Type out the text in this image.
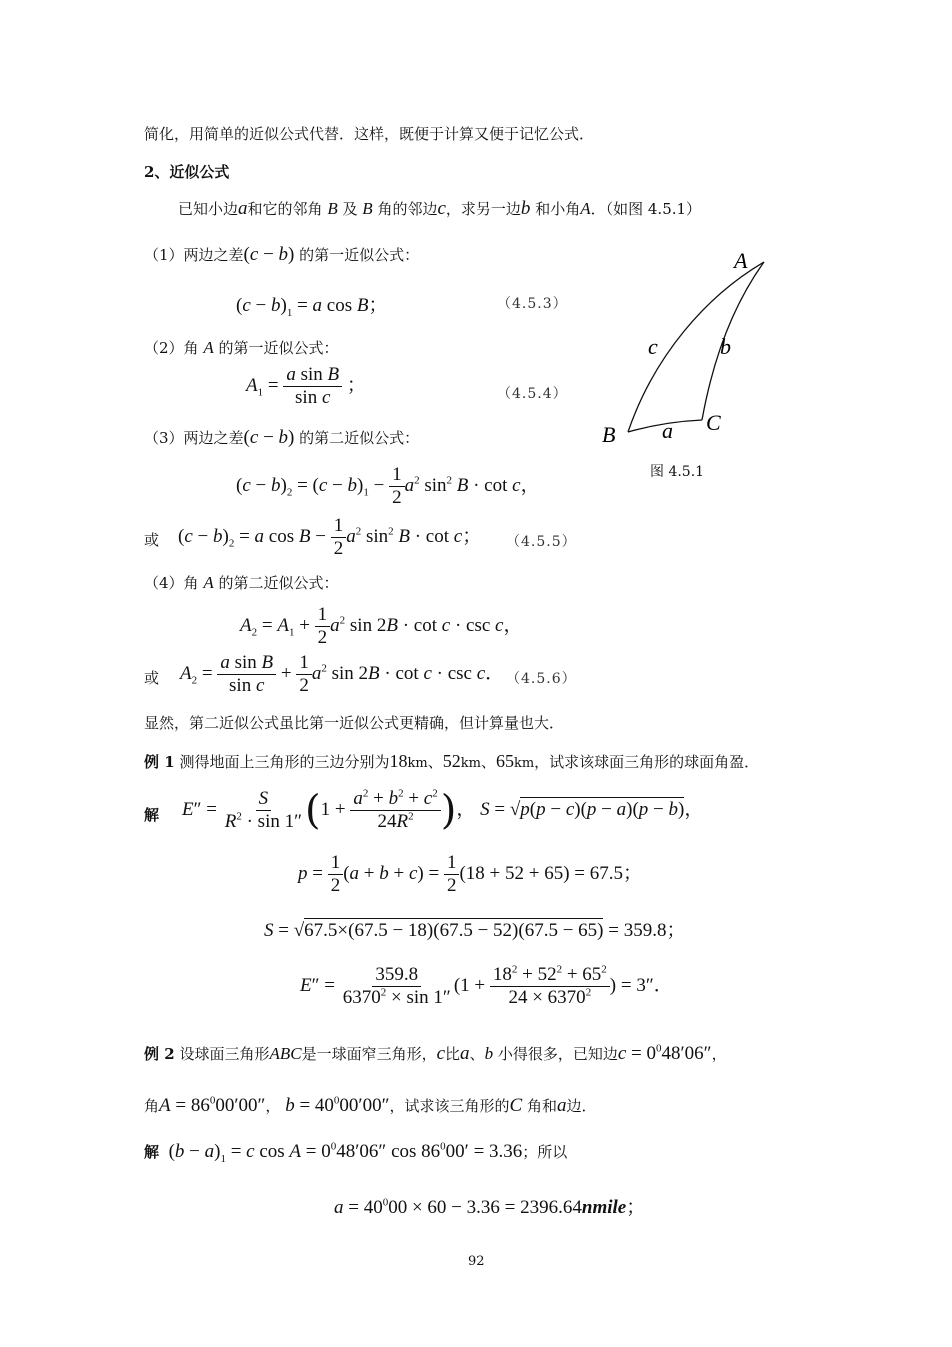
简化，用简单的近似公式代替．这样，既便于计算又便于记忆公式．
2、近似公式
已知小边a和它的邻角 B 及 B 角的邻边c，求另一边b 和小角A．（如图 4.5.1）
（1）两边之差(c − b) 的第一近似公式：
$(c - b)_1 = a$ cos B；	（4.5.3）
（2）角 A 的第一近似公式：
$A_1 = \frac{\text{a sin B}}{\text{sin c}}$ ；	（4.5.4）
（3）两边之差(c − b) 的第二近似公式：
$(c - b)_2 = (c - b)_1 - \frac{1}{2} a^2$ $\sin^2 B \cdot \cot c$，
或 $(c - b)_2 = a$ $\cos B - \frac{1}{2} a^2$ $\sin^2 B \cdot \cot c$； （4.5.5）
（4）角 A 的第二近似公式：
$A_2 = A_1 + \frac{1}{2} a^2$ sin 2B · cot c · csc c，
或 $A_2 = \frac{\text{a sin B}}{\text{sin c}} + \frac{1}{2} a^2$ sin 2B · cot c · csc c． （4.5.6）
显然，第二近似公式虽比第一近似公式更精确，但计算量也大．
例 1 测得地面上三角形的三边分别为18km、52km、65km，试求该球面三角形的球面角盈．
解 $E'' = \frac{S}{R^2 \cdot \sin 1''} (1 + \frac{a^2 + b^2 + c^2}{24R^2}$ )， S = √p(p − c)(p − a)(p − b)，
$p = \frac{1}{2} (a + b + c) = \frac{1}{2} (18 + 52 + 65) = 67.5$；
S = √67.5×(67.5 − 18)(67.5 − 52)(67.5 − 65) = 359.8；
$E'' = \frac{359.8}{6370^2 \times \sin 1''} (1 + \frac{18^2 + 52^2 + 65^2}{24 \times 6370^2}$ ) = 3″．
例 2 设球面三角形ABC是一球面窄三角形，c比a、b 小得很多，已知边$c = 0^048'06''$，
角$A = 86^000'00''$， $b = 40^000'00''$，试求该三角形的C 角和a边．
解 $(b - a)_1 = c$ $\cos A = 0^048'06''$ $\cos 86^000' = 3.36$；所以
$a = 40^000 \times 60 - 3.36$ = 2396.64nmile；
A
B	C
c	b
a
图 4.5.1
92
